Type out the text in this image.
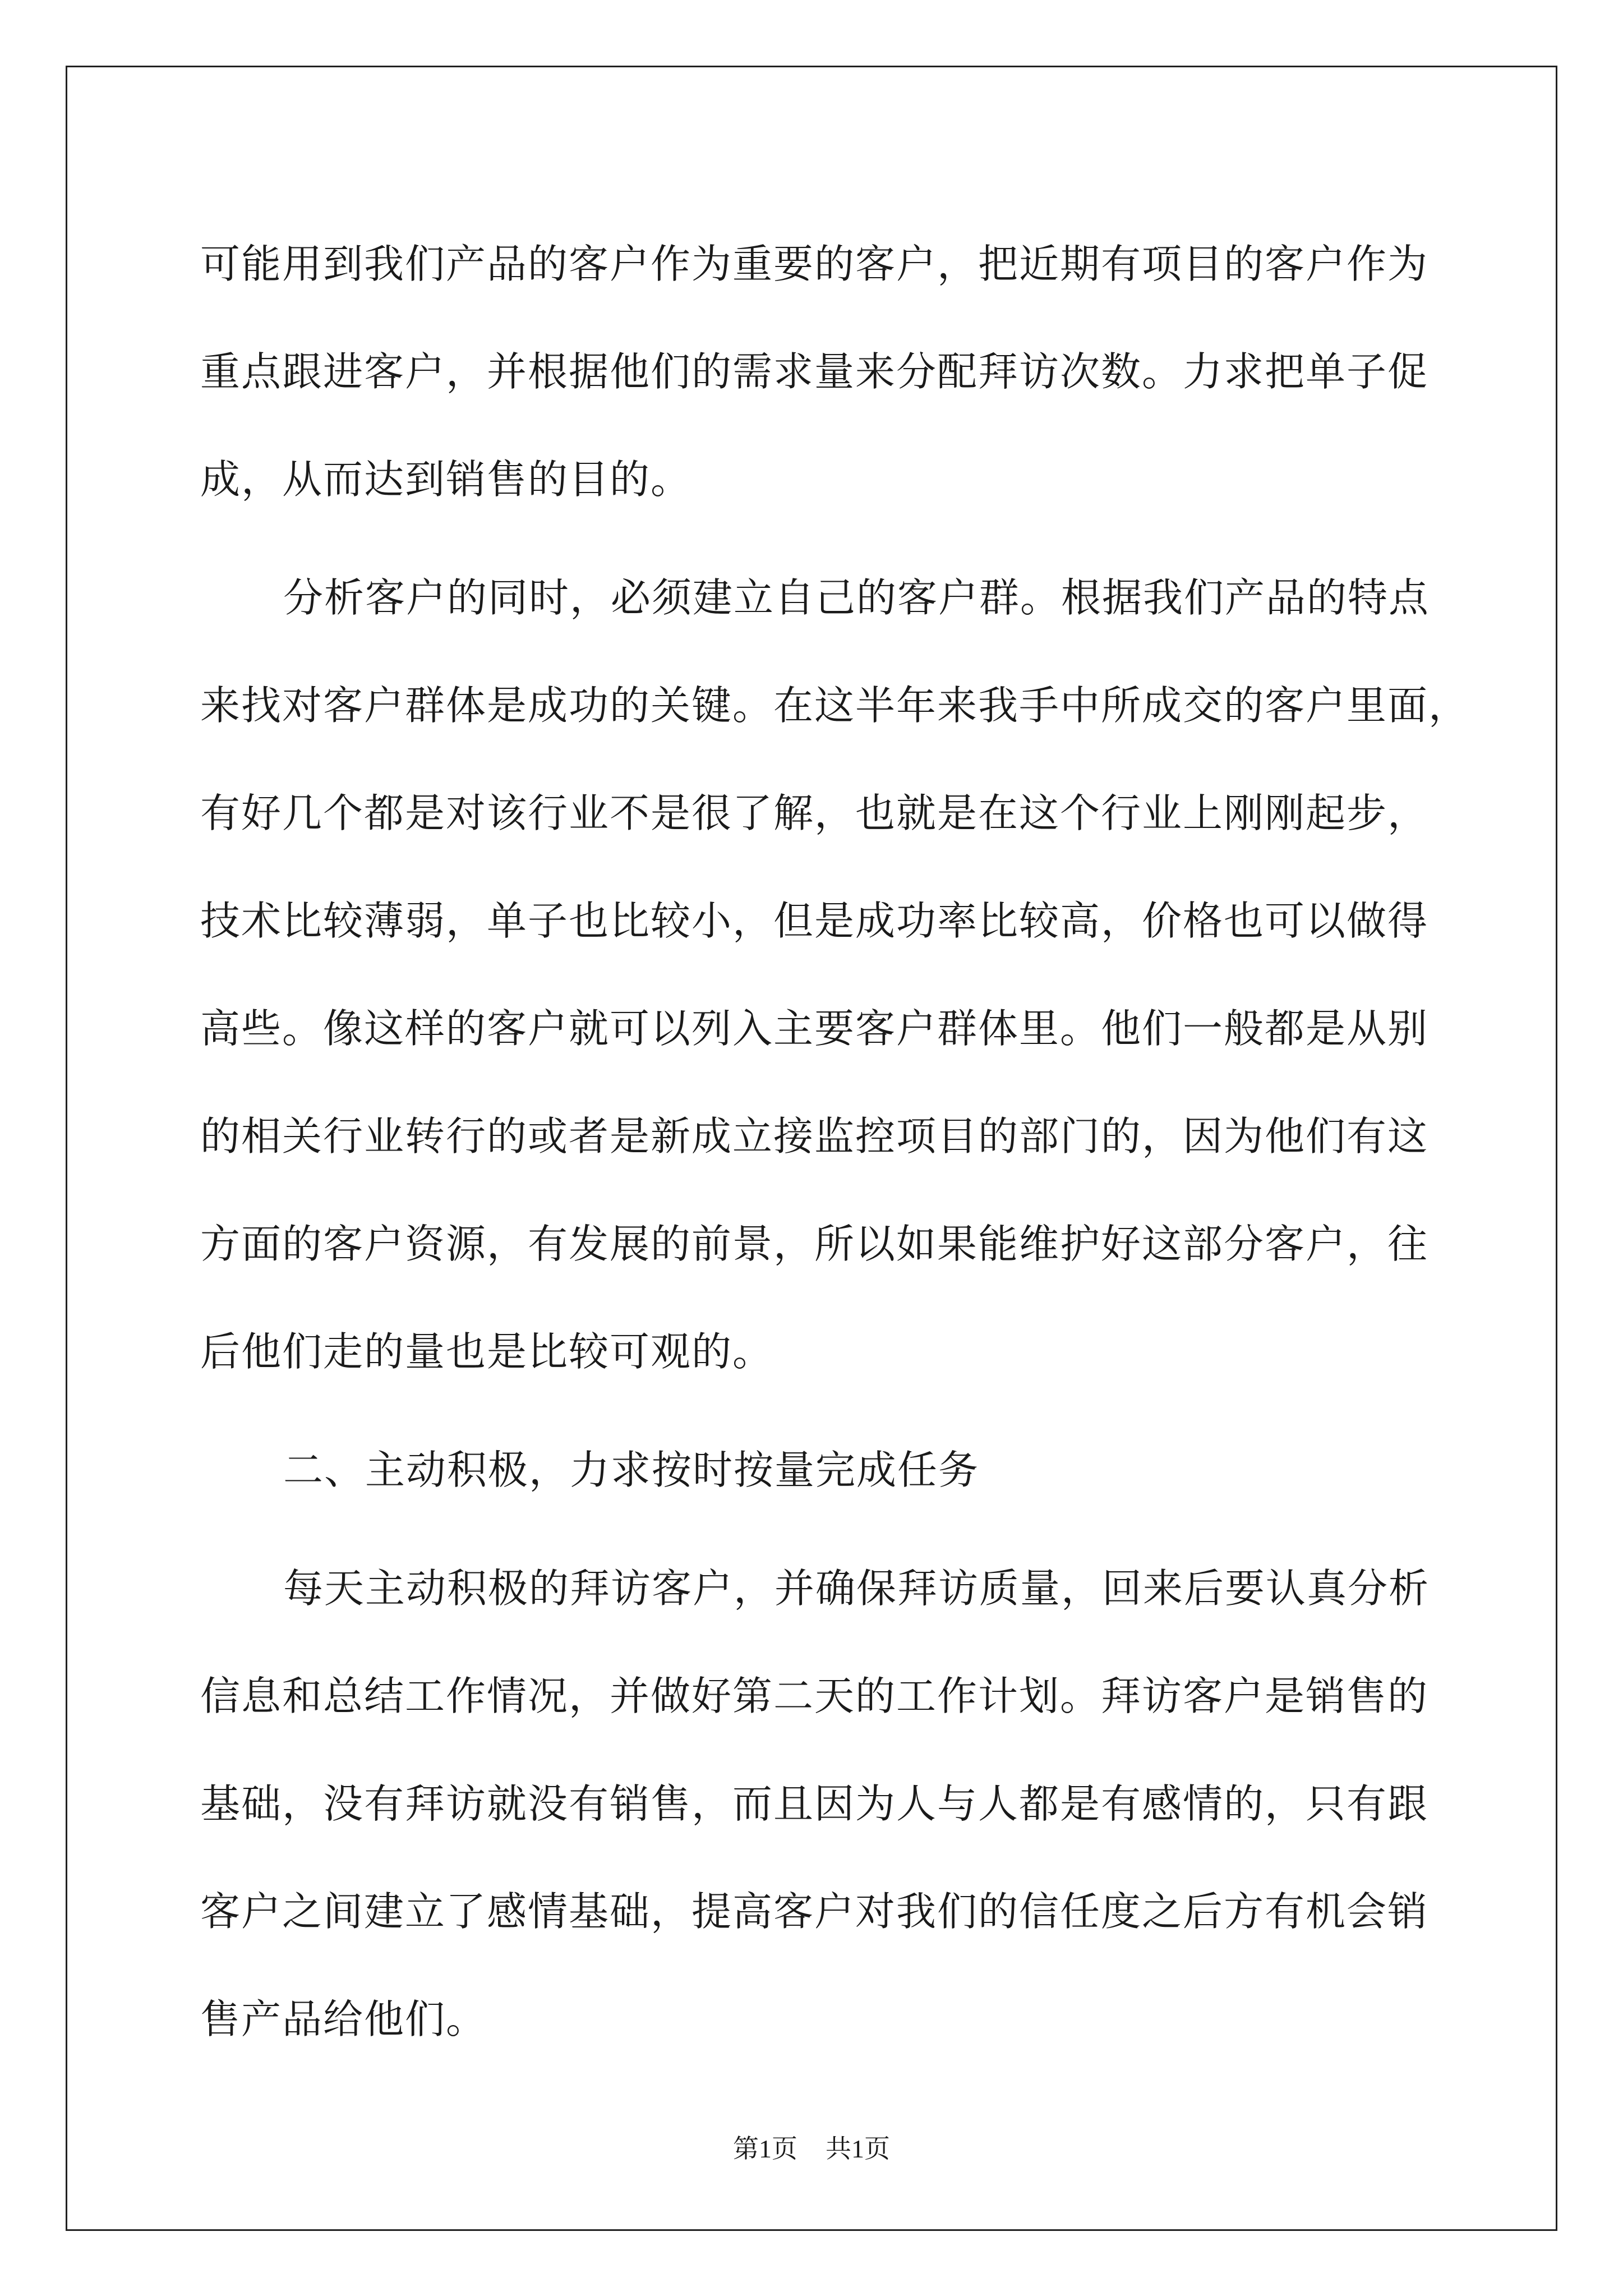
可能用到我们产品的客户作为重要的客户，把近期有项目的客户作为
重点跟进客户，并根据他们的需求量来分配拜访次数。力求把单子促
成，从而达到销售的目的。
分析客户的同时，必须建立自己的客户群。根据我们产品的特点
来找对客户群体是成功的关键。在这半年来我手中所成交的客户里面，
有好几个都是对该行业不是很了解，也就是在这个行业上刚刚起步，
技术比较薄弱，单子也比较小，但是成功率比较高，价格也可以做得
高些。像这样的客户就可以列入主要客户群体里。他们一般都是从别
的相关行业转行的或者是新成立接监控项目的部门的，因为他们有这
方面的客户资源，有发展的前景，所以如果能维护好这部分客户，往
后他们走的量也是比较可观的。
二、主动积极，力求按时按量完成任务
每天主动积极的拜访客户，并确保拜访质量，回来后要认真分析
信息和总结工作情况，并做好第二天的工作计划。拜访客户是销售的
基础，没有拜访就没有销售，而且因为人与人都是有感情的，只有跟
客户之间建立了感情基础，提高客户对我们的信任度之后方有机会销
售产品给他们。
第1页 共1页
